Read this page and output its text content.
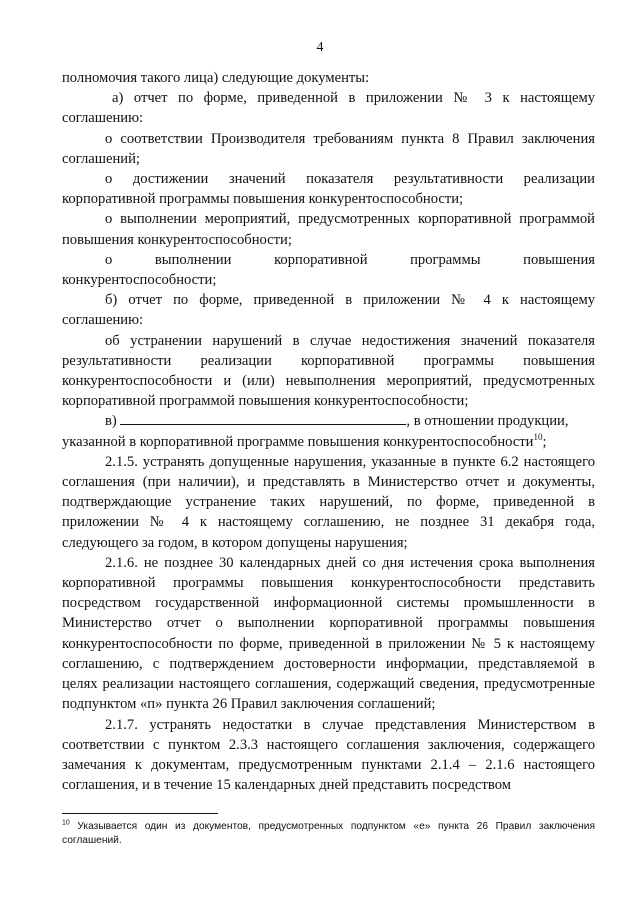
4

полномочия такого лица) следующие документы:

а) отчет по форме, приведенной в приложении № 3 к настоящему

соглашению:

о соответствии Производителя требованиям пункта 8 Правил заключения

соглашений;

о достижении значений показателя результативности реализации

корпоративной программы повышения конкурентоспособности;

о выполнении мероприятий, предусмотренных корпоративной программой

повышения конкурентоспособности;

о выполнении корпоративной программы повышения

конкурентоспособности;

б) отчет по форме, приведенной в приложении № 4 к настоящему

соглашению:

об устранении нарушений в случае недостижения значений показателя

результативности реализации корпоративной программы повышения

конкурентоспособности и (или) невыполнения мероприятий, предусмотренных

корпоративной программой повышения конкурентоспособности;

в)	, в отношении продукции,

указанной в корпоративной программе повышения конкурентоспособности$^{10}$;

2.1.5. устранять допущенные нарушения, указанные в пункте 6.2 настоящего соглашения (при наличии), и представлять в Министерство отчет и документы, подтверждающие устранение таких нарушений, по форме, приведенной в приложении № 4 к настоящему соглашению, не позднее 31 декабря года, следующего за годом, в котором допущены нарушения;

2.1.6. не позднее 30 календарных дней со дня истечения срока выполнения корпоративной программы повышения конкурентоспособности представить посредством государственной информационной системы промышленности в Министерство отчет о выполнении корпоративной программы повышения конкурентоспособности по форме, приведенной в приложении № 5 к настоящему соглашению, с подтверждением достоверности информации, представляемой в целях реализации настоящего соглашения, содержащий сведения, предусмотренные подпунктом «п» пункта 26 Правил заключения соглашений;

2.1.7. устранять недостатки в случае представления Министерством в соответствии с пунктом 2.3.3 настоящего соглашения заключения, содержащего замечания к документам, предусмотренным пунктами 2.1.4 – 2.1.6 настоящего соглашения, и в течение 15 календарных дней представить посредством

$^{10}$ Указывается один из документов, предусмотренных подпунктом «е» пункта 26 Правил заключения соглашений.
